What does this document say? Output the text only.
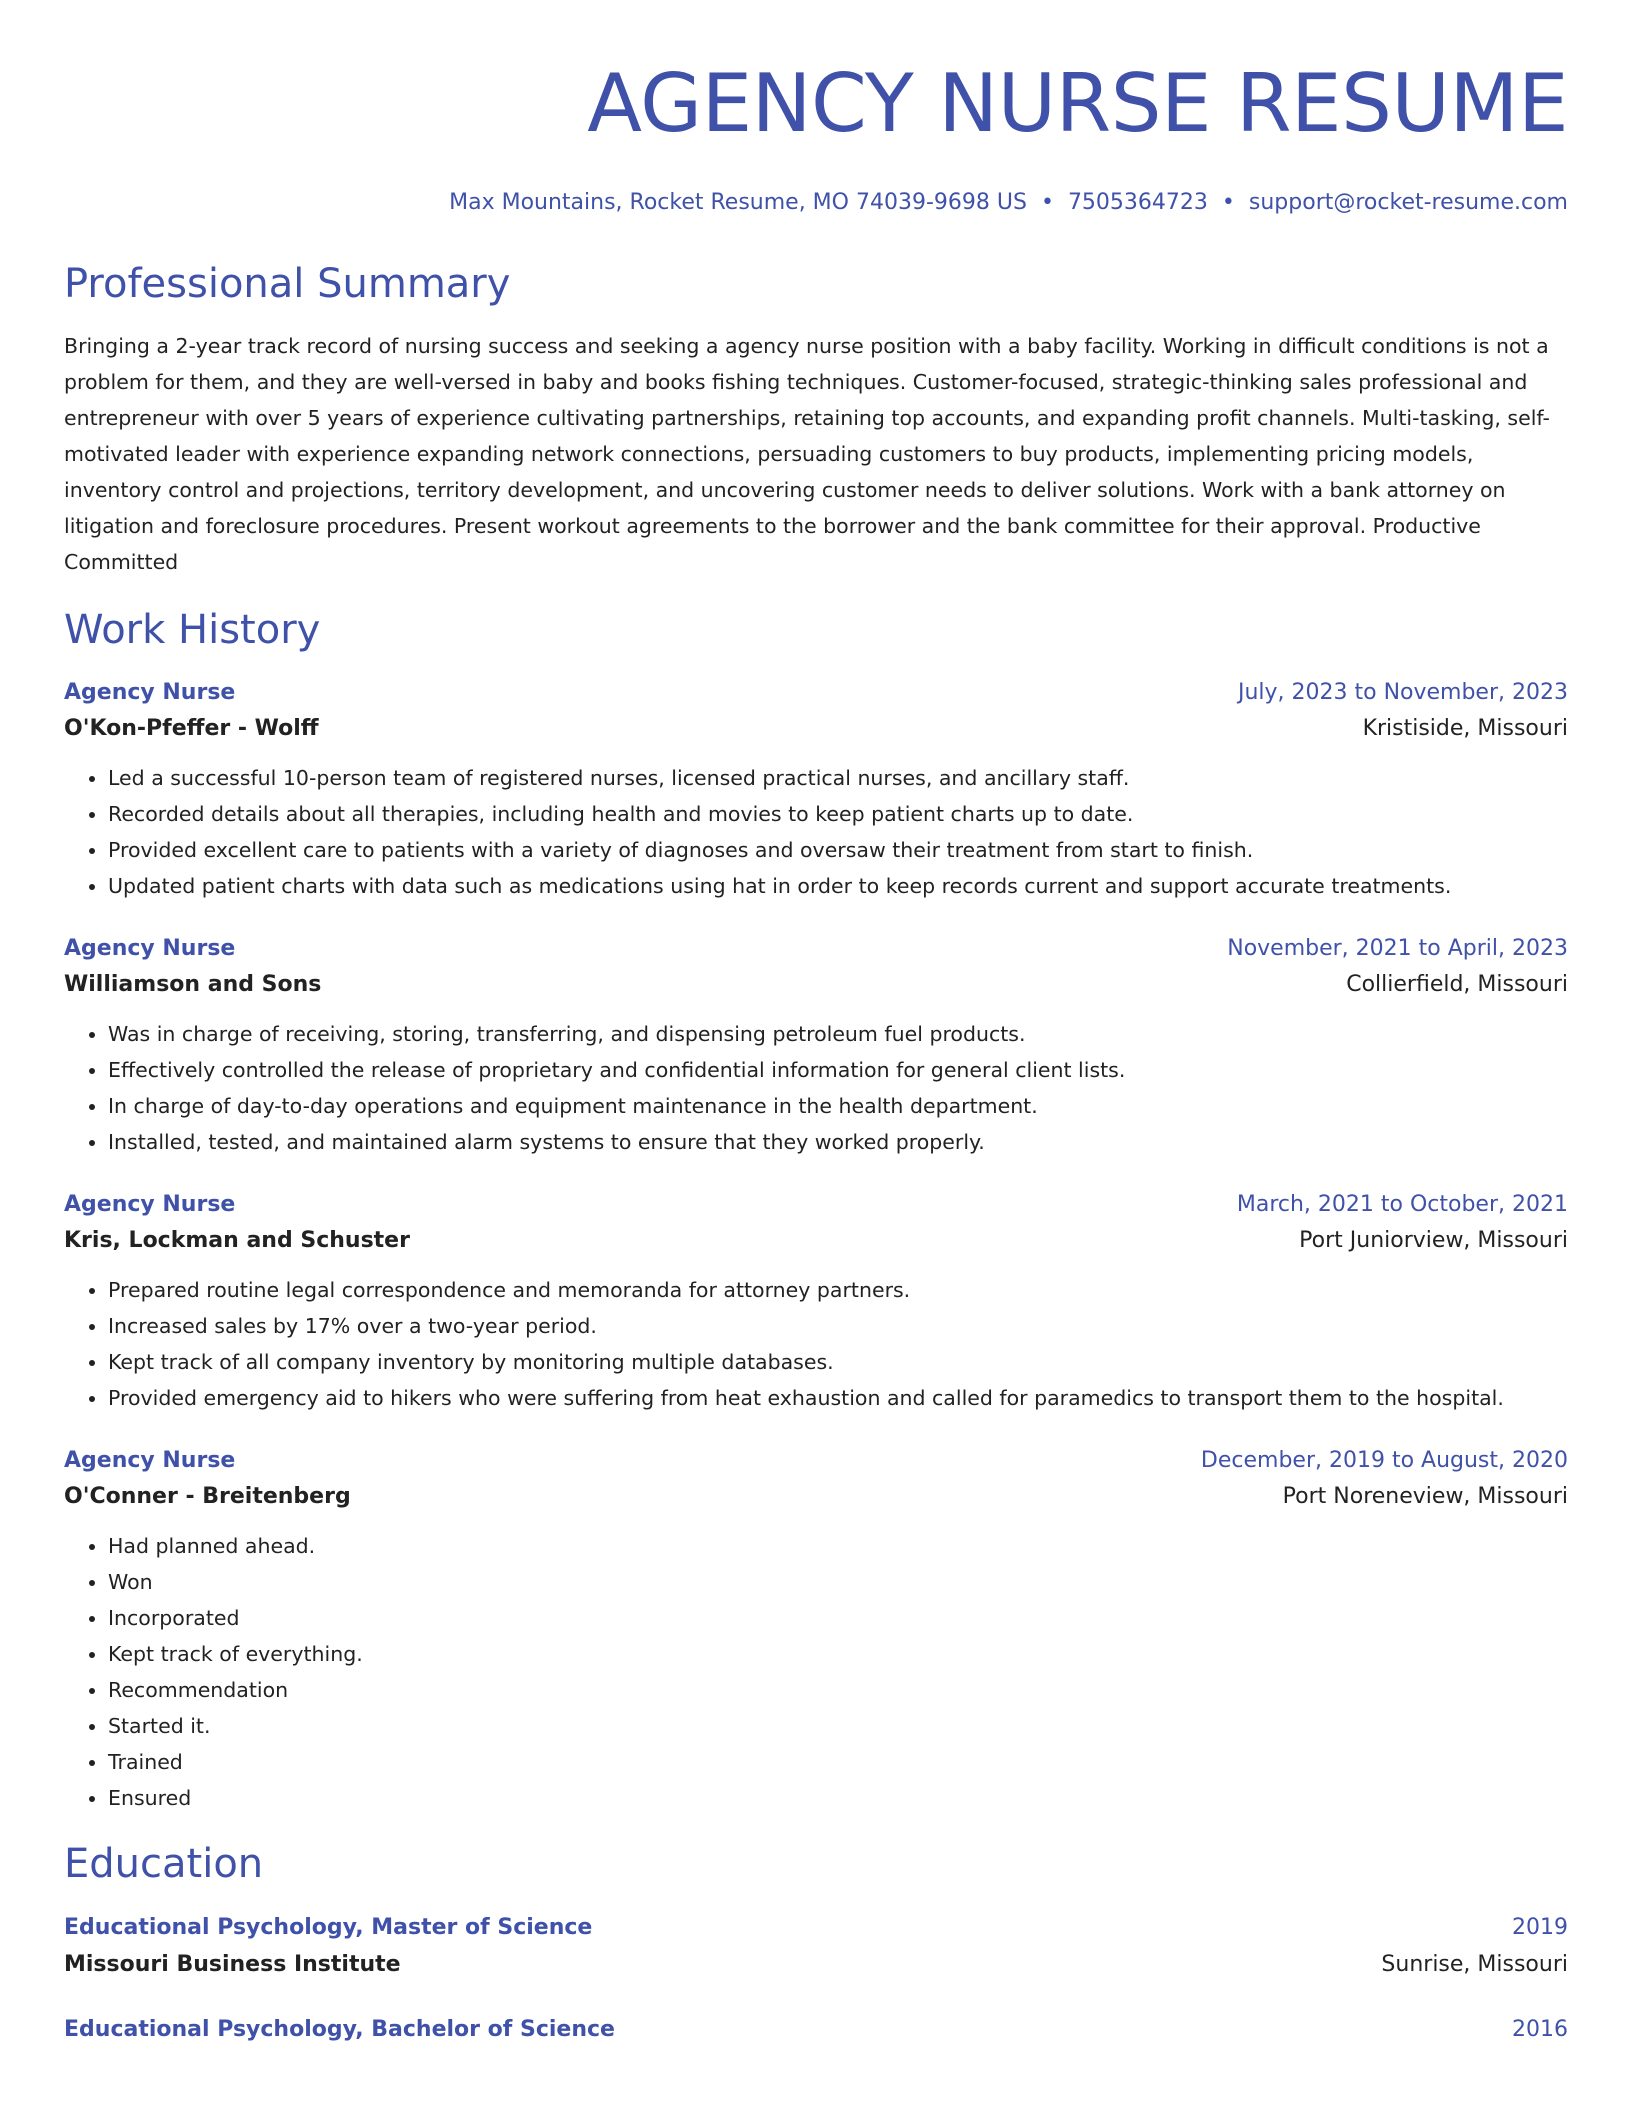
AGENCY NURSE RESUME
Max Mountains, Rocket Resume, MO 74039-9698 US • 7505364723 • support@rocket-resume.com
Professional Summary
Bringing a 2-year track record of nursing success and seeking a agency nurse position with a baby facility. Working in difficult conditions is not a problem for them, and they are well-versed in baby and books fishing techniques. Customer-focused, strategic-thinking sales professional and entrepreneur with over 5 years of experience cultivating partnerships, retaining top accounts, and expanding profit channels. Multi-tasking, self-motivated leader with experience expanding network connections, persuading customers to buy products, implementing pricing models, inventory control and projections, territory development, and uncovering customer needs to deliver solutions. Work with a bank attorney on litigation and foreclosure procedures. Present workout agreements to the borrower and the bank committee for their approval. Productive Committed
Work History
Agency Nurse	July, 2023 to November, 2023
O'Kon-Pfeffer - Wolff	Kristiside, Missouri
• Led a successful 10-person team of registered nurses, licensed practical nurses, and ancillary staff.
• Recorded details about all therapies, including health and movies to keep patient charts up to date.
• Provided excellent care to patients with a variety of diagnoses and oversaw their treatment from start to finish.
• Updated patient charts with data such as medications using hat in order to keep records current and support accurate treatments.
Agency Nurse	November, 2021 to April, 2023
Williamson and Sons	Collierfield, Missouri
• Was in charge of receiving, storing, transferring, and dispensing petroleum fuel products.
• Effectively controlled the release of proprietary and confidential information for general client lists.
• In charge of day-to-day operations and equipment maintenance in the health department.
• Installed, tested, and maintained alarm systems to ensure that they worked properly.
Agency Nurse	March, 2021 to October, 2021
Kris, Lockman and Schuster	Port Juniorview, Missouri
• Prepared routine legal correspondence and memoranda for attorney partners.
• Increased sales by 17% over a two-year period.
• Kept track of all company inventory by monitoring multiple databases.
• Provided emergency aid to hikers who were suffering from heat exhaustion and called for paramedics to transport them to the hospital.
Agency Nurse	December, 2019 to August, 2020
O'Conner - Breitenberg	Port Noreneview, Missouri
• Had planned ahead.
• Won
• Incorporated
• Kept track of everything.
• Recommendation
• Started it.
• Trained
• Ensured
Education
Educational Psychology, Master of Science	2019
Missouri Business Institute	Sunrise, Missouri
Educational Psychology, Bachelor of Science	2016
